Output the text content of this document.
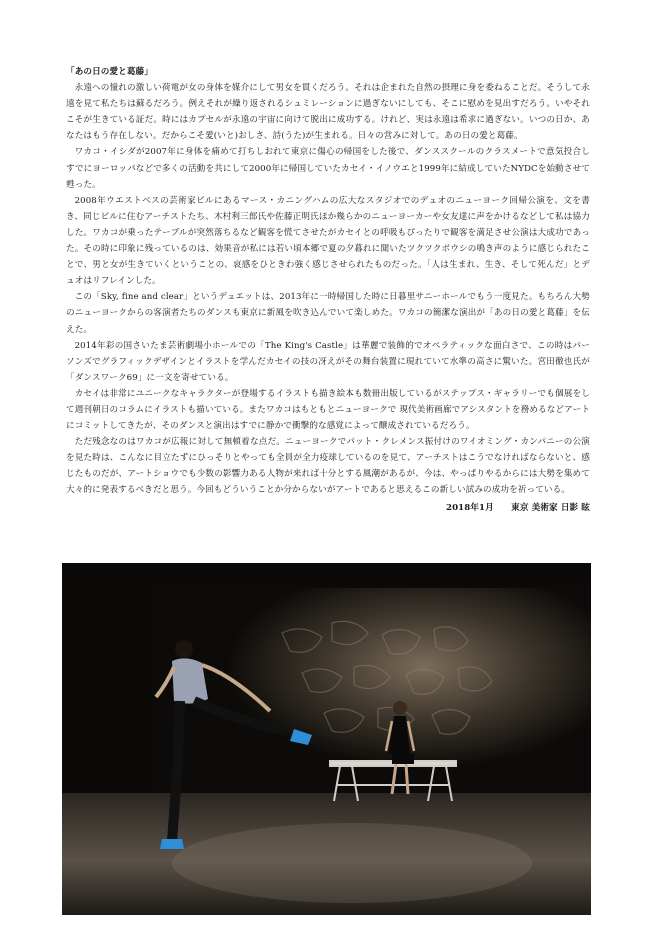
「あの日の愛と葛藤」

永遠への憧れの激しい荷電が女の身体を媒介にして男女を貫くだろう。それは企まれた自然の摂理に身を委ねることだ。そうして永遠を見て私たちは蘇るだろう。例えそれが繰り返されるシュミレーションに過ぎないにしても、そこに慰めを見出すだろう。いやそれこそが生きている証だ。時にはカプセルが永遠の宇宙に向けて脱出に成功する。けれど、実は永遠は希求に過ぎない。いつの日か、あなたはもう存在しない。だからこそ愛(いと)おしさ、詩(うた)が生まれる。日々の営みに対して。あの日の愛と葛藤。

ワカコ・イシダが2007年に身体を痛めて打ちしおれて東京に傷心の帰国をした後で、ダンススクールのクラスメートで意気投合しすでにヨーロッパなどで多くの活動を共にして2000年に帰国していたカセイ・イノウエと1999年に結成していたNYDCを始動させて甦った。

2008年ウエストベスの芸術家ビルにあるマース・カニングハムの広大なスタジオでのデュオのニューヨーク回帰公演を、文を書き、同じビルに住むアーチストたち、木村利三郎氏や佐藤正明氏ほか幾らかのニューヨーカーや女友達に声をかけるなどして私は協力した。ワカコが乗ったテーブルが突然落ちるなど観客を慌てさせたがカセイとの呼吸もぴったりで観客を満足させ公演は大成功であった。その時に印象に残っているのは、効果音が私には若い頃本郷で夏の夕暮れに聞いたツクツクボウシの鳴き声のように感じられたことで、男と女が生きていくということの、哀感をひときわ強く感じさせられたものだった。「人は生まれ、生き、そして死んだ」とデュオはリフレインした。

この「Sky, fine and clear」というデュエットは、2013年に一時帰国した時に日暮里サニーホールでもう一度見た。もちろん大勢のニューヨークからの客演者たちのダンスも東京に新風を吹き込んでいて楽しめた。ワカコの簡潔な演出が「あの日の愛と葛藤」を伝えた。

2014年彩の国さいたま芸術劇場小ホールでの「The King's Castle」は華麗で装飾的でオペラティックな面白さで、この時はパーソンズでグラフィックデザインとイラストを学んだカセイの技の冴えがその舞台装置に現れていて水準の高さに驚いた。宮田徹也氏が「ダンスワーク69」に一文を寄せている。

カセイは非常にユニークなキャラクターが登場するイラストも描き絵本も数冊出版しているがステップス・ギャラリーでも個展をして週刊朝日のコラムにイラストも描いている。またワカコはもともとニューヨークで 現代美術画廊でアシスタントを務めるなどアートにコミットしてきたが、そのダンスと演出はすでに静かで衝撃的な感覚によって醸成されているだろう。

ただ残念なのはワカコが広報に対して無頓着な点だ。ニューヨークでパット・クレメンス振付けのワイオミング・カンパニーの公演を見た時は、こんなに目立たずにひっそりとやっても全員が全力疫球しているのを見て、アーチストはこうでなければならないと、感じたものだが、アートショウでも少数の影響力ある人物が来れば十分とする風潮があるが、今は、やっぱりやるからには大勢を集めて大々的に発表するべきだと思う。今回もどういうことか分からないがアートであると思えるこの新しい試みの成功を祈っている。

2018年1月　　東京 美術家 日影 眩
